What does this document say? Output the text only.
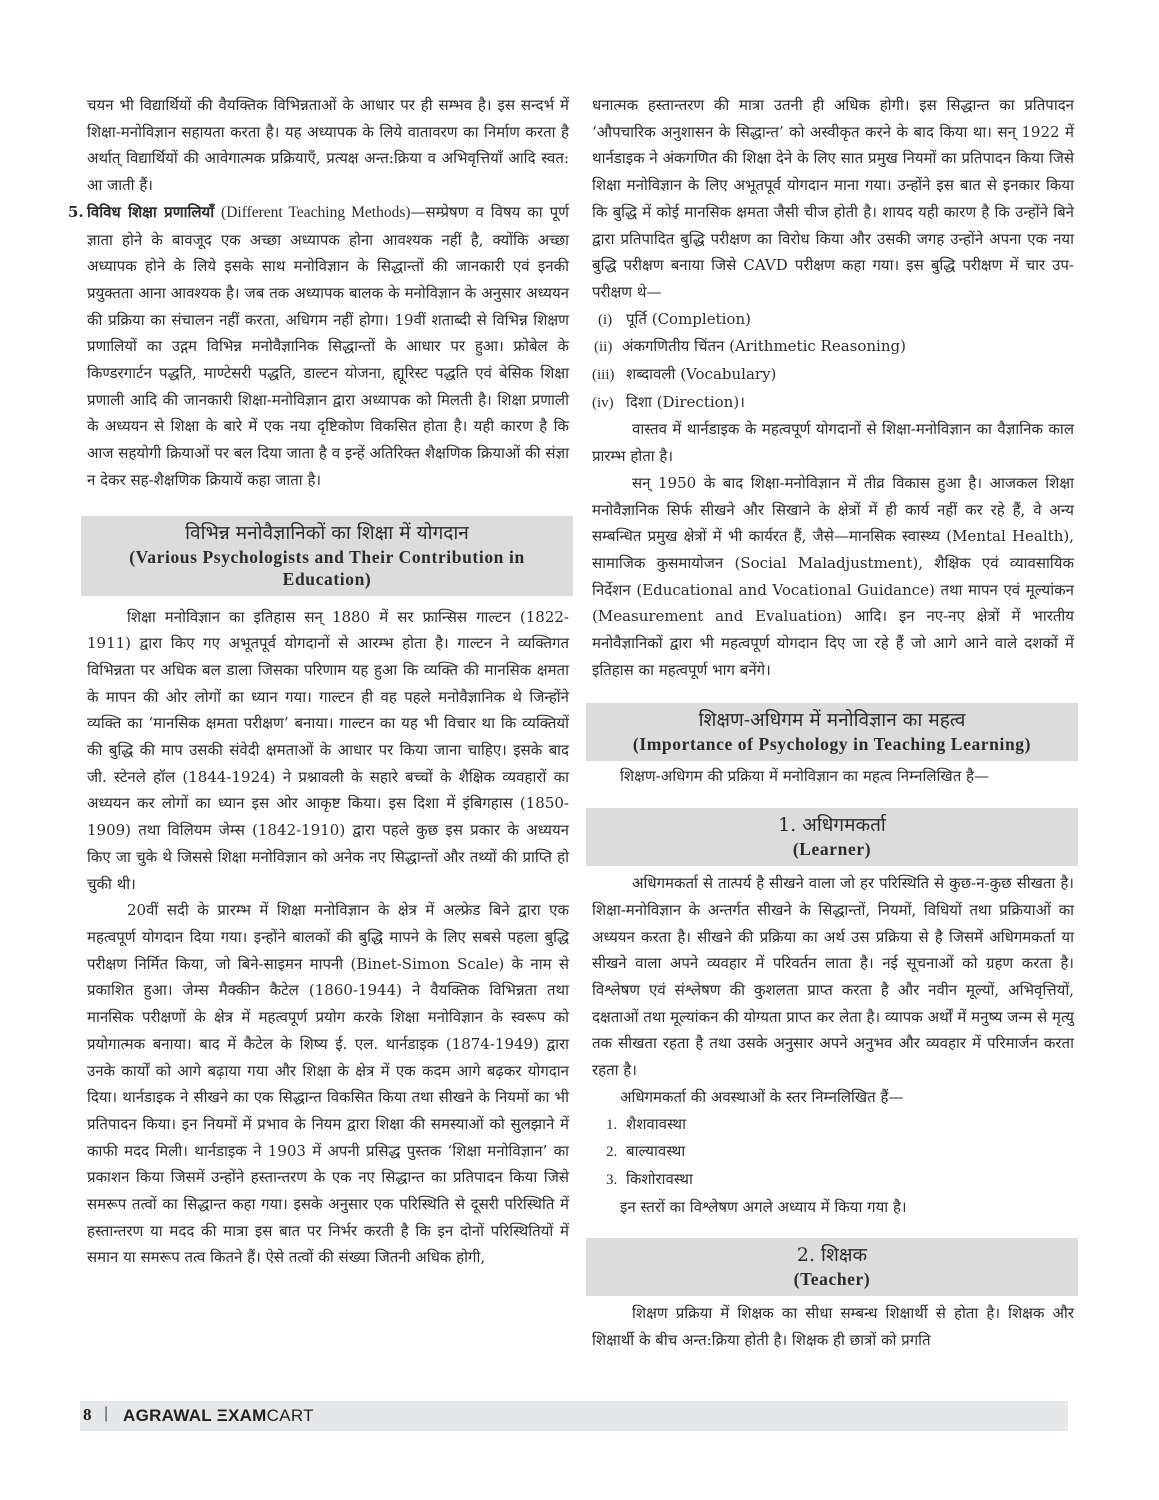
चयन भी विद्यार्थियों की वैयक्तिक विभिन्नताओं के आधार पर ही सम्भव है। इस सन्दर्भ में शिक्षा-मनोविज्ञान सहायता करता है। यह अध्यापक के लिये वातावरण का निर्माण करता है अर्थात् विद्यार्थियों की आवेगात्मक प्रक्रियाएँ, प्रत्यक्ष अन्त:क्रिया व अभिवृत्तियाँ आदि स्वत: आ जाती हैं।

5. विविध शिक्षा प्रणालियाँ (Different Teaching Methods)—सम्प्रेषण व विषय का पूर्ण ज्ञाता होने के बावजूद एक अच्छा अध्यापक होना आवश्यक नहीं है, क्योंकि अच्छा अध्यापक होने के लिये इसके साथ मनोविज्ञान के सिद्धान्तों की जानकारी एवं इनकी प्रयुक्तता आना आवश्यक है। जब तक अध्यापक बालक के मनोविज्ञान के अनुसार अध्ययन की प्रक्रिया का संचालन नहीं करता, अधिगम नहीं होगा। 19वीं शताब्दी से विभिन्न शिक्षण प्रणालियों का उद्गम विभिन्न मनोवैज्ञानिक सिद्धान्तों के आधार पर हुआ। फ्रोबेल के किण्डरगार्टन पद्धति, माण्टेसरी पद्धति, डाल्टन योजना, ह्यूरिस्ट पद्धति एवं बेसिक शिक्षा प्रणाली आदि की जानकारी शिक्षा-मनोविज्ञान द्वारा अध्यापक को मिलती है। शिक्षा प्रणाली के अध्ययन से शिक्षा के बारे में एक नया दृष्टिकोण विकसित होता है। यही कारण है कि आज सहयोगी क्रियाओं पर बल दिया जाता है व इन्हें अतिरिक्त शैक्षणिक क्रियाओं की संज्ञा न देकर सह-शैक्षणिक क्रियायें कहा जाता है।

विभिन्न मनोवैज्ञानिकों का शिक्षा में योगदान
(Various Psychologists and Their Contribution in Education)

शिक्षा मनोविज्ञान का इतिहास सन् 1880 में सर फ्रान्सिस गाल्टन (1822-1911) द्वारा किए गए अभूतपूर्व योगदानों से आरम्भ होता है। गाल्टन ने व्यक्तिगत विभिन्नता पर अधिक बल डाला जिसका परिणाम यह हुआ कि व्यक्ति की मानसिक क्षमता के मापन की ओर लोगों का ध्यान गया। गाल्टन ही वह पहले मनोवैज्ञानिक थे जिन्होंने व्यक्ति का ‘मानसिक क्षमता परीक्षण’ बनाया। गाल्टन का यह भी विचार था कि व्यक्तियों की बुद्धि की माप उसकी संवेदी क्षमताओं के आधार पर किया जाना चाहिए। इसके बाद जी. स्टेनले हॉल (1844-1924) ने प्रश्नावली के सहारे बच्चों के शैक्षिक व्यवहारों का अध्ययन कर लोगों का ध्यान इस ओर आकृष्ट किया। इस दिशा में इंबिगहास (1850-1909) तथा विलियम जेम्स (1842-1910) द्वारा पहले कुछ इस प्रकार के अध्ययन किए जा चुके थे जिससे शिक्षा मनोविज्ञान को अनेक नए सिद्धान्तों और तथ्यों की प्राप्ति हो चुकी थी।

20वीं सदी के प्रारम्भ में शिक्षा मनोविज्ञान के क्षेत्र में अल्फ्रेड बिने द्वारा एक महत्वपूर्ण योगदान दिया गया। इन्होंने बालकों की बुद्धि मापने के लिए सबसे पहला बुद्धि परीक्षण निर्मित किया, जो बिने-साइमन मापनी (Binet-Simon Scale) के नाम से प्रकाशित हुआ। जेम्स मैक्कीन कैटेल (1860-1944) ने वैयक्तिक विभिन्नता तथा मानसिक परीक्षणों के क्षेत्र में महत्वपूर्ण प्रयोग करके शिक्षा मनोविज्ञान के स्वरूप को प्रयोगात्मक बनाया। बाद में कैटेल के शिष्य ई. एल. थार्नडाइक (1874-1949) द्वारा उनके कार्यों को आगे बढ़ाया गया और शिक्षा के क्षेत्र में एक कदम आगे बढ़कर योगदान दिया। थार्नडाइक ने सीखने का एक सिद्धान्त विकसित किया तथा सीखने के नियमों का भी प्रतिपादन किया। इन नियमों में प्रभाव के नियम द्वारा शिक्षा की समस्याओं को सुलझाने में काफी मदद मिली। थार्नडाइक ने 1903 में अपनी प्रसिद्ध पुस्तक ‘शिक्षा मनोविज्ञान’ का प्रकाशन किया जिसमें उन्होंने हस्तान्तरण के एक नए सिद्धान्त का प्रतिपादन किया जिसे समरूप तत्वों का सिद्धान्त कहा गया। इसके अनुसार एक परिस्थिति से दूसरी परिस्थिति में हस्तान्तरण या मदद की मात्रा इस बात पर निर्भर करती है कि इन दोनों परिस्थितियों में समान या समरूप तत्व कितने हैं। ऐसे तत्वों की संख्या जितनी अधिक होगी,

धनात्मक हस्तान्तरण की मात्रा उतनी ही अधिक होगी। इस सिद्धान्त का प्रतिपादन ‘औपचारिक अनुशासन के सिद्धान्त’ को अस्वीकृत करने के बाद किया था। सन् 1922 में थार्नडाइक ने अंकगणित की शिक्षा देने के लिए सात प्रमुख नियमों का प्रतिपादन किया जिसे शिक्षा मनोविज्ञान के लिए अभूतपूर्व योगदान माना गया। उन्होंने इस बात से इनकार किया कि बुद्धि में कोई मानसिक क्षमता जैसी चीज होती है। शायद यही कारण है कि उन्होंने बिने द्वारा प्रतिपादित बुद्धि परीक्षण का विरोध किया और उसकी जगह उन्होंने अपना एक नया बुद्धि परीक्षण बनाया जिसे CAVD परीक्षण कहा गया। इस बुद्धि परीक्षण में चार उप-परीक्षण थे—

(i) पूर्ति (Completion)
(ii) अंकगणितीय चिंतन (Arithmetic Reasoning)
(iii) शब्दावली (Vocabulary)
(iv) दिशा (Direction)।

वास्तव में थार्नडाइक के महत्वपूर्ण योगदानों से शिक्षा-मनोविज्ञान का वैज्ञानिक काल प्रारम्भ होता है।

सन् 1950 के बाद शिक्षा-मनोविज्ञान में तीव्र विकास हुआ है। आजकल शिक्षा मनोवैज्ञानिक सिर्फ सीखने और सिखाने के क्षेत्रों में ही कार्य नहीं कर रहे हैं, वे अन्य सम्बन्धित प्रमुख क्षेत्रों में भी कार्यरत हैं, जैसे—मानसिक स्वास्थ्य (Mental Health), सामाजिक कुसमायोजन (Social Maladjustment), शैक्षिक एवं व्यावसायिक निर्देशन (Educational and Vocational Guidance) तथा मापन एवं मूल्यांकन (Measurement and Evaluation) आदि। इन नए-नए क्षेत्रों में भारतीय मनोवैज्ञानिकों द्वारा भी महत्वपूर्ण योगदान दिए जा रहे हैं जो आगे आने वाले दशकों में इतिहास का महत्वपूर्ण भाग बनेंगे।

शिक्षण-अधिगम में मनोविज्ञान का महत्व
(Importance of Psychology in Teaching Learning)

शिक्षण-अधिगम की प्रक्रिया में मनोविज्ञान का महत्व निम्नलिखित है—

1. अधिगमकर्ता
(Learner)

अधिगमकर्ता से तात्पर्य है सीखने वाला जो हर परिस्थिति से कुछ-न-कुछ सीखता है। शिक्षा-मनोविज्ञान के अन्तर्गत सीखने के सिद्धान्तों, नियमों, विधियों तथा प्रक्रियाओं का अध्ययन करता है। सीखने की प्रक्रिया का अर्थ उस प्रक्रिया से है जिसमें अधिगमकर्ता या सीखने वाला अपने व्यवहार में परिवर्तन लाता है। नई सूचनाओं को ग्रहण करता है। विश्लेषण एवं संश्लेषण की कुशलता प्राप्त करता है और नवीन मूल्यों, अभिवृत्तियों, दक्षताओं तथा मूल्यांकन की योग्यता प्राप्त कर लेता है। व्यापक अर्थों में मनुष्य जन्म से मृत्यु तक सीखता रहता है तथा उसके अनुसार अपने अनुभव और व्यवहार में परिमार्जन करता रहता है।

अधिगमकर्ता की अवस्थाओं के स्तर निम्नलिखित हैं—

1. शैशवावस्था
2. बाल्यावस्था
3. किशोरावस्था

इन स्तरों का विश्लेषण अगले अध्याय में किया गया है।

2. शिक्षक
(Teacher)

शिक्षण प्रक्रिया में शिक्षक का सीधा सम्बन्ध शिक्षार्थी से होता है। शिक्षक और शिक्षार्थी के बीच अन्त:क्रिया होती है। शिक्षक ही छात्रों को प्रगति

8 | AGRAWAL ΞXAMCART
